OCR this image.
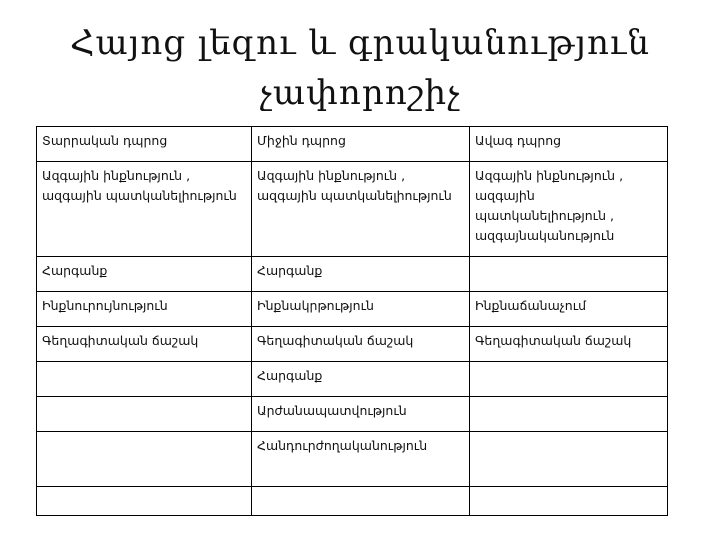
Հայոց լեզու և գրականություն
չափորոշիչ
Տարրական դպրոց	Միջին դպրոց	Ավագ դպրոց
Ազգային ինքնություն , ազգային պատկանելիություն	Ազգային ինքնություն , ազգային պատկանելիություն	Ազգային ինքնություն , ազգային պատկանելիություն , ազգայնականություն
Հարգանք	Հարգանք	
Ինքնուրույնություն	Ինքնակրթություն	Ինքնաճանաչում
Գեղագիտական ճաշակ	Գեղագիտական ճաշակ	Գեղագիտական ճաշակ
	Հարգանք	
	Արժանապատվություն	
	Հանդուրժողականություն	
